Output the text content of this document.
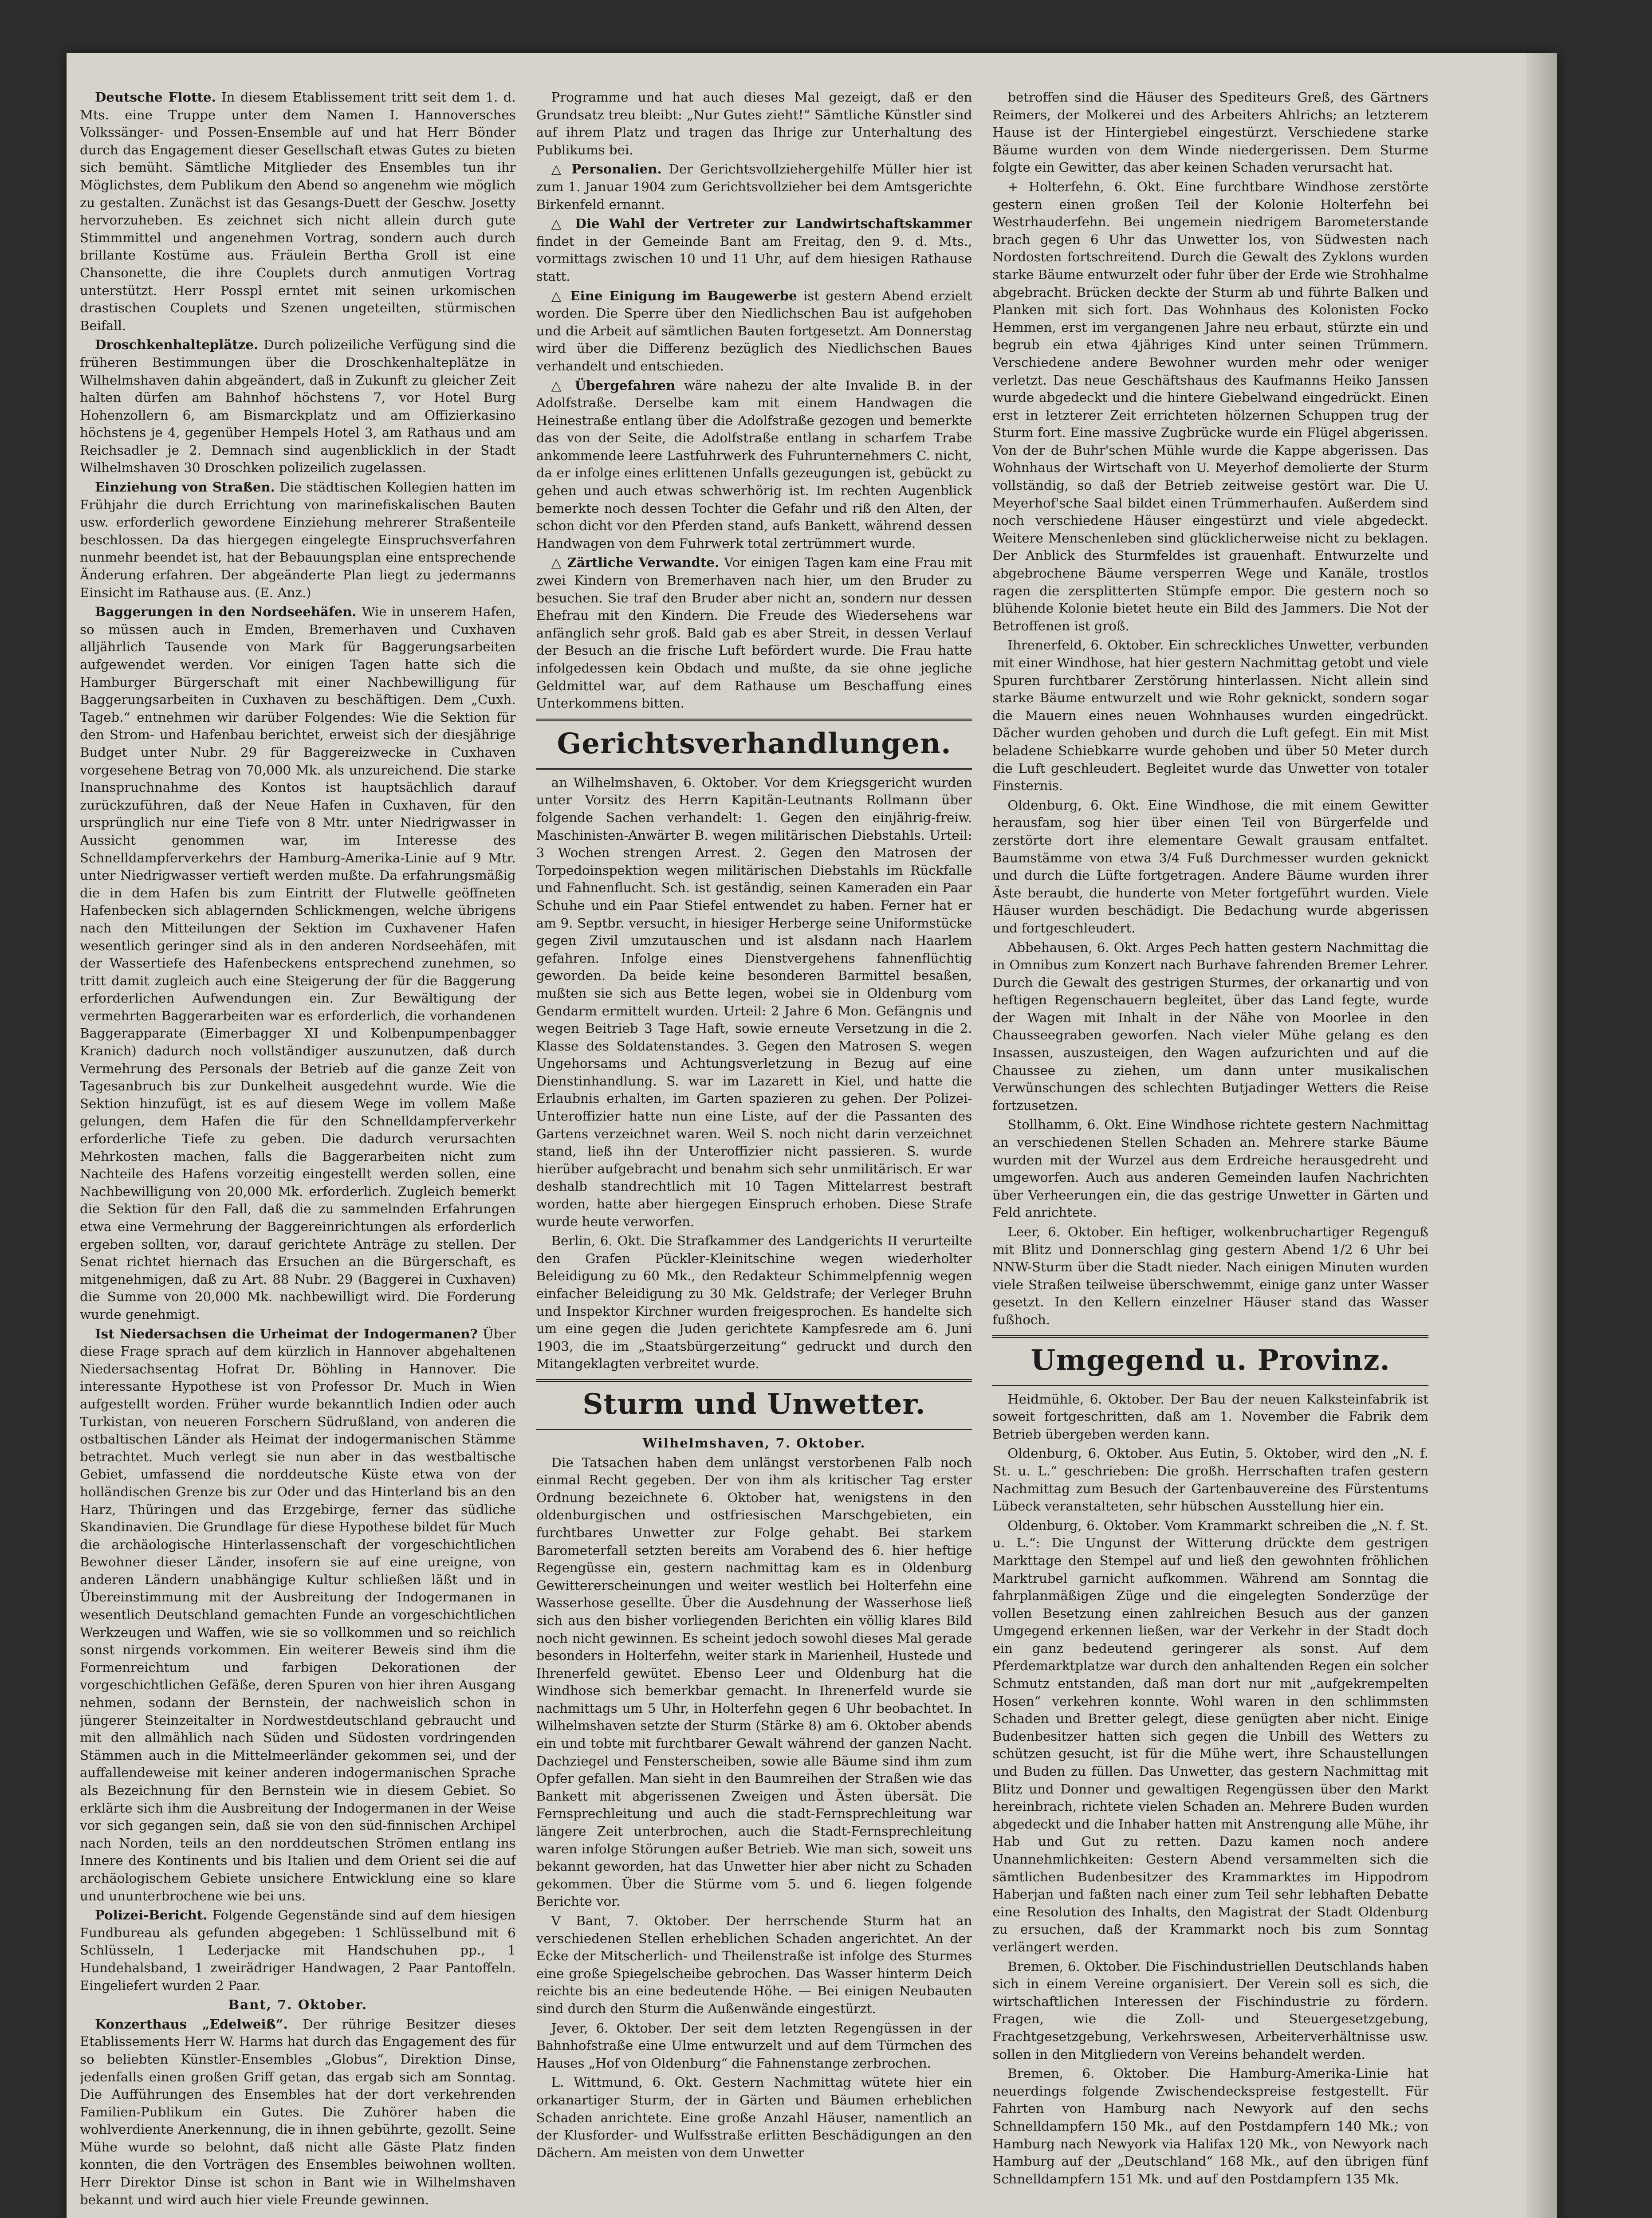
Deutsche Flotte. In diesem Etablissement tritt seit dem 1. d. Mts. eine Truppe unter dem Namen I. Hannoversches Volkssänger- und Possen-Ensemble auf und hat Herr Bönder durch das Engagement dieser Gesellschaft etwas Gutes zu bieten sich bemüht. Sämtliche Mitglieder des Ensembles tun ihr Möglichstes, dem Publikum den Abend so angenehm wie möglich zu gestalten. Zunächst ist das Gesangs-Duett der Geschw. Josetty hervorzuheben. Es zeichnet sich nicht allein durch gute Stimmmittel und angenehmen Vortrag, sondern auch durch brillante Kostüme aus. Fräulein Bertha Groll ist eine Chansonette, die ihre Couplets durch anmutigen Vortrag unterstützt. Herr Posspl erntet mit seinen urkomischen drastischen Couplets und Szenen ungeteilten, stürmischen Beifall.

Droschkenhalteplätze. Durch polizeiliche Verfügung sind die früheren Bestimmungen über die Droschkenhalteplätze in Wilhelmshaven dahin abgeändert, daß in Zukunft zu gleicher Zeit halten dürfen am Bahnhof höchstens 7, vor Hotel Burg Hohenzollern 6, am Bismarckplatz und am Offizierkasino höchstens je 4, gegenüber Hempels Hotel 3, am Rathaus und am Reichsadler je 2. Demnach sind augenblicklich in der Stadt Wilhelmshaven 30 Droschken polizeilich zugelassen.

Einziehung von Straßen. Die städtischen Kollegien hatten im Frühjahr die durch Errichtung von marinefiskalischen Bauten usw. erforderlich gewordene Einziehung mehrerer Straßenteile beschlossen. Da das hiergegen eingelegte Einspruchsverfahren nunmehr beendet ist, hat der Bebauungsplan eine entsprechende Änderung erfahren. Der abgeänderte Plan liegt zu jedermanns Einsicht im Rathause aus. (E. Anz.)

Baggerungen in den Nordseehäfen. Wie in unserem Hafen, so müssen auch in Emden, Bremerhaven und Cuxhaven alljährlich Tausende von Mark für Baggerungsarbeiten aufgewendet werden. Vor einigen Tagen hatte sich die Hamburger Bürgerschaft mit einer Nachbewilligung für Baggerungsarbeiten in Cuxhaven zu beschäftigen. Dem „Cuxh. Tageb.“ entnehmen wir darüber Folgendes: Wie die Sektion für den Strom- und Hafenbau berichtet, erweist sich der diesjährige Budget unter Nubr. 29 für Baggereizwecke in Cuxhaven vorgesehene Betrag von 70,000 Mk. als unzureichend. Die starke Inanspruchnahme des Kontos ist hauptsächlich darauf zurückzuführen, daß der Neue Hafen in Cuxhaven, für den ursprünglich nur eine Tiefe von 8 Mtr. unter Niedrigwasser in Aussicht genommen war, im Interesse des Schnelldampferverkehrs der Hamburg-Amerika-Linie auf 9 Mtr. unter Niedrigwasser vertieft werden mußte. Da erfahrungsmäßig die in dem Hafen bis zum Eintritt der Flutwelle geöffneten Hafenbecken sich ablagernden Schlickmengen, welche übrigens nach den Mitteilungen der Sektion im Cuxhavener Hafen wesentlich geringer sind als in den anderen Nordseehäfen, mit der Wassertiefe des Hafenbeckens entsprechend zunehmen, so tritt damit zugleich auch eine Steigerung der für die Baggerung erforderlichen Aufwendungen ein. Zur Bewältigung der vermehrten Baggerarbeiten war es erforderlich, die vorhandenen Baggerapparate (Eimerbagger XI und Kolbenpumpenbagger Kranich) dadurch noch vollständiger auszunutzen, daß durch Vermehrung des Personals der Betrieb auf die ganze Zeit von Tagesanbruch bis zur Dunkelheit ausgedehnt wurde. Wie die Sektion hinzufügt, ist es auf diesem Wege im vollem Maße gelungen, dem Hafen die für den Schnelldampferverkehr erforderliche Tiefe zu geben. Die dadurch verursachten Mehrkosten machen, falls die Baggerarbeiten nicht zum Nachteile des Hafens vorzeitig eingestellt werden sollen, eine Nachbewilligung von 20,000 Mk. erforderlich. Zugleich bemerkt die Sektion für den Fall, daß die zu sammelnden Erfahrungen etwa eine Vermehrung der Baggereinrichtungen als erforderlich ergeben sollten, vor, darauf gerichtete Anträge zu stellen. Der Senat richtet hiernach das Ersuchen an die Bürgerschaft, es mitgenehmigen, daß zu Art. 88 Nubr. 29 (Baggerei in Cuxhaven) die Summe von 20,000 Mk. nachbewilligt wird. Die Forderung wurde genehmigt.

Ist Niedersachsen die Urheimat der Indogermanen? Über diese Frage sprach auf dem kürzlich in Hannover abgehaltenen Niedersachsentag Hofrat Dr. Böhling in Hannover. Die interessante Hypothese ist von Professor Dr. Much in Wien aufgestellt worden. Früher wurde bekanntlich Indien oder auch Turkistan, von neueren Forschern Südrußland, von anderen die ostbaltischen Länder als Heimat der indogermanischen Stämme betrachtet. Much verlegt sie nun aber in das westbaltische Gebiet, umfassend die norddeutsche Küste etwa von der holländischen Grenze bis zur Oder und das Hinterland bis an den Harz, Thüringen und das Erzgebirge, ferner das südliche Skandinavien. Die Grundlage für diese Hypothese bildet für Much die archäologische Hinterlassenschaft der vorgeschichtlichen Bewohner dieser Länder, insofern sie auf eine ureigne, von anderen Ländern unabhängige Kultur schließen läßt und in Übereinstimmung mit der Ausbreitung der Indogermanen in wesentlich Deutschland gemachten Funde an vorgeschichtlichen Werkzeugen und Waffen, wie sie so vollkommen und so reichlich sonst nirgends vorkommen. Ein weiterer Beweis sind ihm die Formenreichtum und farbigen Dekorationen der vorgeschichtlichen Gefäße, deren Spuren von hier ihren Ausgang nehmen, sodann der Bernstein, der nachweislich schon in jüngerer Steinzeitalter in Nordwestdeutschland gebraucht und mit den allmählich nach Süden und Südosten vordringenden Stämmen auch in die Mittelmeerländer gekommen sei, und der auffallendeweise mit keiner anderen indogermanischen Sprache als Bezeichnung für den Bernstein wie in diesem Gebiet. So erklärte sich ihm die Ausbreitung der Indogermanen in der Weise vor sich gegangen sein, daß sie von den süd-finnischen Archipel nach Norden, teils an den norddeutschen Strömen entlang ins Innere des Kontinents und bis Italien und dem Orient sei die auf archäologischem Gebiete unsichere Entwicklung eine so klare und ununterbrochene wie bei uns.

Polizei-Bericht. Folgende Gegenstände sind auf dem hiesigen Fundbureau als gefunden abgegeben: 1 Schlüsselbund mit 6 Schlüsseln, 1 Lederjacke mit Handschuhen pp., 1 Hundehalsband, 1 zweirädriger Handwagen, 2 Paar Pantoffeln. Eingeliefert wurden 2 Paar.

Bant, 7. Oktober.

Konzerthaus „Edelweiß“. Der rührige Besitzer dieses Etablissements Herr W. Harms hat durch das Engagement des für so beliebten Künstler-Ensembles „Globus“, Direktion Dinse, jedenfalls einen großen Griff getan, das ergab sich am Sonntag. Die Aufführungen des Ensembles hat der dort verkehrenden Familien-Publikum ein Gutes. Die Zuhörer haben die wohlverdiente Anerkennung, die in ihnen gebührte, gezollt. Seine Mühe wurde so belohnt, daß nicht alle Gäste Platz finden konnten, die den Vorträgen des Ensembles beiwohnen wollten. Herr Direktor Dinse ist schon in Bant wie in Wilhelmshaven bekannt und wird auch hier viele Freunde gewinnen.

Programme und hat auch dieses Mal gezeigt, daß er den Grundsatz treu bleibt: „Nur Gutes zieht!“ Sämtliche Künstler sind auf ihrem Platz und tragen das Ihrige zur Unterhaltung des Publikums bei.

△ Personalien. Der Gerichtsvollziehergehilfe Müller hier ist zum 1. Januar 1904 zum Gerichtsvollzieher bei dem Amtsgerichte Birkenfeld ernannt.

△ Die Wahl der Vertreter zur Landwirtschaftskammer findet in der Gemeinde Bant am Freitag, den 9. d. Mts., vormittags zwischen 10 und 11 Uhr, auf dem hiesigen Rathause statt.

△ Eine Einigung im Baugewerbe ist gestern Abend erzielt worden. Die Sperre über den Niedlichschen Bau ist aufgehoben und die Arbeit auf sämtlichen Bauten fortgesetzt. Am Donnerstag wird über die Differenz bezüglich des Niedlichschen Baues verhandelt und entschieden.

△ Übergefahren wäre nahezu der alte Invalide B. in der Adolfstraße. Derselbe kam mit einem Handwagen die Heinestraße entlang über die Adolfstraße gezogen und bemerkte das von der Seite, die Adolfstraße entlang in scharfem Trabe ankommende leere Lastfuhrwerk des Fuhrunternehmers C. nicht, da er infolge eines erlittenen Unfalls gezeugungen ist, gebückt zu gehen und auch etwas schwerhörig ist. Im rechten Augenblick bemerkte noch dessen Tochter die Gefahr und riß den Alten, der schon dicht vor den Pferden stand, aufs Bankett, während dessen Handwagen von dem Fuhrwerk total zertrümmert wurde.

△ Zärtliche Verwandte. Vor einigen Tagen kam eine Frau mit zwei Kindern von Bremerhaven nach hier, um den Bruder zu besuchen. Sie traf den Bruder aber nicht an, sondern nur dessen Ehefrau mit den Kindern. Die Freude des Wiedersehens war anfänglich sehr groß. Bald gab es aber Streit, in dessen Verlauf der Besuch an die frische Luft befördert wurde. Die Frau hatte infolgedessen kein Obdach und mußte, da sie ohne jegliche Geldmittel war, auf dem Rathause um Beschaffung eines Unterkommens bitten.

Gerichtsverhandlungen.

an Wilhelmshaven, 6. Oktober. Vor dem Kriegsgericht wurden unter Vorsitz des Herrn Kapitän-Leutnants Rollmann über folgende Sachen verhandelt: 1. Gegen den einjährig-freiw. Maschinisten-Anwärter B. wegen militärischen Diebstahls. Urteil: 3 Wochen strengen Arrest. 2. Gegen den Matrosen der Torpedoinspektion wegen militärischen Diebstahls im Rückfalle und Fahnenflucht. Sch. ist geständig, seinen Kameraden ein Paar Schuhe und ein Paar Stiefel entwendet zu haben. Ferner hat er am 9. Septbr. versucht, in hiesiger Herberge seine Uniformstücke gegen Zivil umzutauschen und ist alsdann nach Haarlem gefahren. Infolge eines Dienstvergehens fahnenflüchtig geworden. Da beide keine besonderen Barmittel besaßen, mußten sie sich aus Bette legen, wobei sie in Oldenburg vom Gendarm ermittelt wurden. Urteil: 2 Jahre 6 Mon. Gefängnis und wegen Beitrieb 3 Tage Haft, sowie erneute Versetzung in die 2. Klasse des Soldatenstandes. 3. Gegen den Matrosen S. wegen Ungehorsams und Achtungsverletzung in Bezug auf eine Dienstinhandlung. S. war im Lazarett in Kiel, und hatte die Erlaubnis erhalten, im Garten spazieren zu gehen. Der Polizei-Unteroffizier hatte nun eine Liste, auf der die Passanten des Gartens verzeichnet waren. Weil S. noch nicht darin verzeichnet stand, ließ ihn der Unteroffizier nicht passieren. S. wurde hierüber aufgebracht und benahm sich sehr unmilitärisch. Er war deshalb standrechtlich mit 10 Tagen Mittelarrest bestraft worden, hatte aber hiergegen Einspruch erhoben. Diese Strafe wurde heute verworfen.

Berlin, 6. Okt. Die Strafkammer des Landgerichts II verurteilte den Grafen Pückler-Kleinitschine wegen wiederholter Beleidigung zu 60 Mk., den Redakteur Schimmelpfennig wegen einfacher Beleidigung zu 30 Mk. Geldstrafe; der Verleger Bruhn und Inspektor Kirchner wurden freigesprochen. Es handelte sich um eine gegen die Juden gerichtete Kampfesrede am 6. Juni 1903, die im „Staatsbürgerzeitung“ gedruckt und durch den Mitangeklagten verbreitet wurde.

Sturm und Unwetter.

Wilhelmshaven, 7. Oktober.

Die Tatsachen haben dem unlängst verstorbenen Falb noch einmal Recht gegeben. Der von ihm als kritischer Tag erster Ordnung bezeichnete 6. Oktober hat, wenigstens in den oldenburgischen und ostfriesischen Marschgebieten, ein furchtbares Unwetter zur Folge gehabt. Bei starkem Barometerfall setzten bereits am Vorabend des 6. hier heftige Regengüsse ein, gestern nachmittag kam es in Oldenburg Gewittererscheinungen und weiter westlich bei Holterfehn eine Wasserhose gesellte. Über die Ausdehnung der Wasserhose ließ sich aus den bisher vorliegenden Berichten ein völlig klares Bild noch nicht gewinnen. Es scheint jedoch sowohl dieses Mal gerade besonders in Holterfehn, weiter stark in Marienheil, Hustede und Ihrenerfeld gewütet. Ebenso Leer und Oldenburg hat die Windhose sich bemerkbar gemacht. In Ihrenerfeld wurde sie nachmittags um 5 Uhr, in Holterfehn gegen 6 Uhr beobachtet. In Wilhelmshaven setzte der Sturm (Stärke 8) am 6. Oktober abends ein und tobte mit furchtbarer Gewalt während der ganzen Nacht. Dachziegel und Fensterscheiben, sowie alle Bäume sind ihm zum Opfer gefallen. Man sieht in den Baumreihen der Straßen wie das Bankett mit abgerissenen Zweigen und Ästen übersät. Die Fernsprechleitung und auch die stadt-Fernsprechleitung war längere Zeit unterbrochen, auch die Stadt-Fernsprechleitung waren infolge Störungen außer Betrieb. Wie man sich, soweit uns bekannt geworden, hat das Unwetter hier aber nicht zu Schaden gekommen. Über die Stürme vom 5. und 6. liegen folgende Berichte vor.

V Bant, 7. Oktober. Der herrschende Sturm hat an verschiedenen Stellen erheblichen Schaden angerichtet. An der Ecke der Mitscherlich- und Theilenstraße ist infolge des Sturmes eine große Spiegelscheibe gebrochen. Das Wasser hinterm Deich reichte bis an eine bedeutende Höhe. — Bei einigen Neubauten sind durch den Sturm die Außenwände eingestürzt.

Jever, 6. Oktober. Der seit dem letzten Regengüssen in der Bahnhofstraße eine Ulme entwurzelt und auf dem Türmchen des Hauses „Hof von Oldenburg“ die Fahnenstange zerbrochen.

L. Wittmund, 6. Okt. Gestern Nachmittag wütete hier ein orkanartiger Sturm, der in Gärten und Bäumen erheblichen Schaden anrichtete. Eine große Anzahl Häuser, namentlich an der Klusforder- und Wulfsstraße erlitten Beschädigungen an den Dächern. Am meisten von dem Unwetter

betroffen sind die Häuser des Spediteurs Greß, des Gärtners Reimers, der Molkerei und des Arbeiters Ahlrichs; an letzterem Hause ist der Hintergiebel eingestürzt. Verschiedene starke Bäume wurden von dem Winde niedergerissen. Dem Sturme folgte ein Gewitter, das aber keinen Schaden verursacht hat.

+ Holterfehn, 6. Okt. Eine furchtbare Windhose zerstörte gestern einen großen Teil der Kolonie Holterfehn bei Westrhauderfehn. Bei ungemein niedrigem Barometerstande brach gegen 6 Uhr das Unwetter los, von Südwesten nach Nordosten fortschreitend. Durch die Gewalt des Zyklons wurden starke Bäume entwurzelt oder fuhr über der Erde wie Strohhalme abgebracht. Brücken deckte der Sturm ab und führte Balken und Planken mit sich fort. Das Wohnhaus des Kolonisten Focko Hemmen, erst im vergangenen Jahre neu erbaut, stürzte ein und begrub ein etwa 4jähriges Kind unter seinen Trümmern. Verschiedene andere Bewohner wurden mehr oder weniger verletzt. Das neue Geschäftshaus des Kaufmanns Heiko Janssen wurde abgedeckt und die hintere Giebelwand eingedrückt. Einen erst in letzterer Zeit errichteten hölzernen Schuppen trug der Sturm fort. Eine massive Zugbrücke wurde ein Flügel abgerissen. Von der de Buhr'schen Mühle wurde die Kappe abgerissen. Das Wohnhaus der Wirtschaft von U. Meyerhof demolierte der Sturm vollständig, so daß der Betrieb zeitweise gestört war. Die U. Meyerhof'sche Saal bildet einen Trümmerhaufen. Außerdem sind noch verschiedene Häuser eingestürzt und viele abgedeckt. Weitere Menschenleben sind glücklicherweise nicht zu beklagen. Der Anblick des Sturmfeldes ist grauenhaft. Entwurzelte und abgebrochene Bäume versperren Wege und Kanäle, trostlos ragen die zersplitterten Stümpfe empor. Die gestern noch so blühende Kolonie bietet heute ein Bild des Jammers. Die Not der Betroffenen ist groß.

Ihrenerfeld, 6. Oktober. Ein schreckliches Unwetter, verbunden mit einer Windhose, hat hier gestern Nachmittag getobt und viele Spuren furchtbarer Zerstörung hinterlassen. Nicht allein sind starke Bäume entwurzelt und wie Rohr geknickt, sondern sogar die Mauern eines neuen Wohnhauses wurden eingedrückt. Dächer wurden gehoben und durch die Luft gefegt. Ein mit Mist beladene Schiebkarre wurde gehoben und über 50 Meter durch die Luft geschleudert. Begleitet wurde das Unwetter von totaler Finsternis.

Oldenburg, 6. Okt. Eine Windhose, die mit einem Gewitter herausfam, sog hier über einen Teil von Bürgerfelde und zerstörte dort ihre elementare Gewalt grausam entfaltet. Baumstämme von etwa 3/4 Fuß Durchmesser wurden geknickt und durch die Lüfte fortgetragen. Andere Bäume wurden ihrer Äste beraubt, die hunderte von Meter fortgeführt wurden. Viele Häuser wurden beschädigt. Die Bedachung wurde abgerissen und fortgeschleudert.

Abbehausen, 6. Okt. Arges Pech hatten gestern Nachmittag die in Omnibus zum Konzert nach Burhave fahrenden Bremer Lehrer. Durch die Gewalt des gestrigen Sturmes, der orkanartig und von heftigen Regenschauern begleitet, über das Land fegte, wurde der Wagen mit Inhalt in der Nähe von Moorlee in den Chausseegraben geworfen. Nach vieler Mühe gelang es den Insassen, auszusteigen, den Wagen aufzurichten und auf die Chaussee zu ziehen, um dann unter musikalischen Verwünschungen des schlechten Butjadinger Wetters die Reise fortzusetzen.

Stollhamm, 6. Okt. Eine Windhose richtete gestern Nachmittag an verschiedenen Stellen Schaden an. Mehrere starke Bäume wurden mit der Wurzel aus dem Erdreiche herausgedreht und umgeworfen. Auch aus anderen Gemeinden laufen Nachrichten über Verheerungen ein, die das gestrige Unwetter in Gärten und Feld anrichtete.

Leer, 6. Oktober. Ein heftiger, wolkenbruchartiger Regenguß mit Blitz und Donnerschlag ging gestern Abend 1/2 6 Uhr bei NNW-Sturm über die Stadt nieder. Nach einigen Minuten wurden viele Straßen teilweise überschwemmt, einige ganz unter Wasser gesetzt. In den Kellern einzelner Häuser stand das Wasser fußhoch.

Umgegend u. Provinz.

Heidmühle, 6. Oktober. Der Bau der neuen Kalksteinfabrik ist soweit fortgeschritten, daß am 1. November die Fabrik dem Betrieb übergeben werden kann.

Oldenburg, 6. Oktober. Aus Eutin, 5. Oktober, wird den „N. f. St. u. L.“ geschrieben: Die großh. Herrschaften trafen gestern Nachmittag zum Besuch der Gartenbauvereine des Fürstentums Lübeck veranstalteten, sehr hübschen Ausstellung hier ein.

Oldenburg, 6. Oktober. Vom Krammarkt schreiben die „N. f. St. u. L.“: Die Ungunst der Witterung drückte dem gestrigen Markttage den Stempel auf und ließ den gewohnten fröhlichen Marktrubel garnicht aufkommen. Während am Sonntag die fahrplanmäßigen Züge und die eingelegten Sonderzüge der vollen Besetzung einen zahlreichen Besuch aus der ganzen Umgegend erkennen ließen, war der Verkehr in der Stadt doch ein ganz bedeutend geringerer als sonst. Auf dem Pferdemarktplatze war durch den anhaltenden Regen ein solcher Schmutz entstanden, daß man dort nur mit „aufgekrempelten Hosen“ verkehren konnte. Wohl waren in den schlimmsten Schaden und Bretter gelegt, diese genügten aber nicht. Einige Budenbesitzer hatten sich gegen die Unbill des Wetters zu schützen gesucht, ist für die Mühe wert, ihre Schaustellungen und Buden zu füllen. Das Unwetter, das gestern Nachmittag mit Blitz und Donner und gewaltigen Regengüssen über den Markt hereinbrach, richtete vielen Schaden an. Mehrere Buden wurden abgedeckt und die Inhaber hatten mit Anstrengung alle Mühe, ihr Hab und Gut zu retten. Dazu kamen noch andere Unannehmlichkeiten: Gestern Abend versammelten sich die sämtlichen Budenbesitzer des Krammarktes im Hippodrom Haberjan und faßten nach einer zum Teil sehr lebhaften Debatte eine Resolution des Inhalts, den Magistrat der Stadt Oldenburg zu ersuchen, daß der Krammarkt noch bis zum Sonntag verlängert werden.

Bremen, 6. Oktober. Die Fischindustriellen Deutschlands haben sich in einem Vereine organisiert. Der Verein soll es sich, die wirtschaftlichen Interessen der Fischindustrie zu fördern. Fragen, wie die Zoll- und Steuergesetzgebung, Frachtgesetzgebung, Verkehrswesen, Arbeiterverhältnisse usw. sollen in den Mitgliedern von Vereins behandelt werden.

Bremen, 6. Oktober. Die Hamburg-Amerika-Linie hat neuerdings folgende Zwischendeckspreise festgestellt. Für Fahrten von Hamburg nach Newyork auf den sechs Schnelldampfern 150 Mk., auf den Postdampfern 140 Mk.; von Hamburg nach Newyork via Halifax 120 Mk., von Newyork nach Hamburg auf der „Deutschland“ 168 Mk., auf den übrigen fünf Schnelldampfern 151 Mk. und auf den Postdampfern 135 Mk.
